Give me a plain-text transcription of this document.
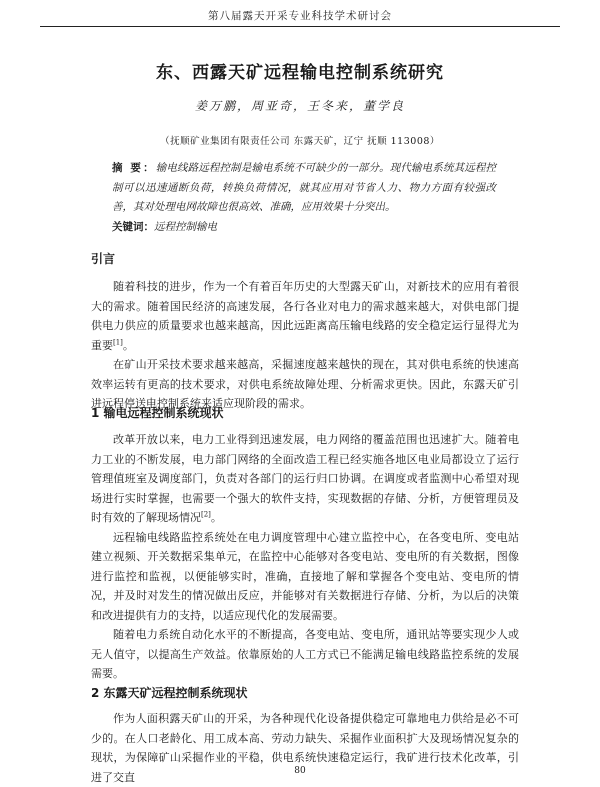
第八届露天开采专业科技学术研讨会
东、西露天矿远程输电控制系统研究
姜万鹏，周亚奇，王冬来，董学良
（抚顺矿业集团有限责任公司 东露天矿，辽宁 抚顺 113008）
摘 要：输电线路远程控制是输电系统不可缺少的一部分。现代输电系统其远程控制可以迅速通断负荷，转换负荷情况，就其应用对节省人力、物力方面有较强改善，其对处理电网故障也很高效、准确，应用效果十分突出。
关键词：远程控制输电
引言

随着科技的进步，作为一个有着百年历史的大型露天矿山，对新技术的应用有着很大的需求。随着国民经济的高速发展，各行各业对电力的需求越来越大，对供电部门提供电力供应的质量要求也越来越高，因此远距离高压输电线路的安全稳定运行显得尤为重要[1]。

在矿山开采技术要求越来越高，采掘速度越来越快的现在，其对供电系统的快速高效率运转有更高的技术要求，对供电系统故障处理、分析需求更快。因此，东露天矿引进远程停送电控制系统来适应现阶段的需求。

1 输电远程控制系统现状

改革开放以来，电力工业得到迅速发展，电力网络的覆盖范围也迅速扩大。随着电力工业的不断发展，电力部门网络的全面改造工程已经实施各地区电业局都设立了运行管理值班室及调度部门，负责对各部门的运行归口协调。在调度或者监测中心希望对现场进行实时掌握，也需要一个强大的软件支持，实现数据的存储、分析，方便管理员及时有效的了解现场情况[2]。

远程输电线路监控系统处在电力调度管理中心建立监控中心，在各变电所、变电站建立视频、开关数据采集单元，在监控中心能够对各变电站、变电所的有关数据，图像进行监控和监视，以便能够实时，准确，直接地了解和掌握各个变电站、变电所的情况，并及时对发生的情况做出反应，并能够对有关数据进行存储、分析，为以后的决策和改进提供有力的支持，以适应现代化的发展需要。

随着电力系统自动化水平的不断提高，各变电站、变电所，通讯站等要实现少人或无人值守，以提高生产效益。依靠原始的人工方式已不能满足输电线路监控系统的发展需要。

2 东露天矿远程控制系统现状

作为人面积露天矿山的开采，为各种现代化设备提供稳定可靠地电力供给是必不可少的。在人口老龄化、用工成本高、劳动力缺失、采掘作业面积扩大及现场情况复杂的现状，为保障矿山采掘作业的平稳，供电系统快速稳定运行，我矿进行技术化改革，引进了交直	80
